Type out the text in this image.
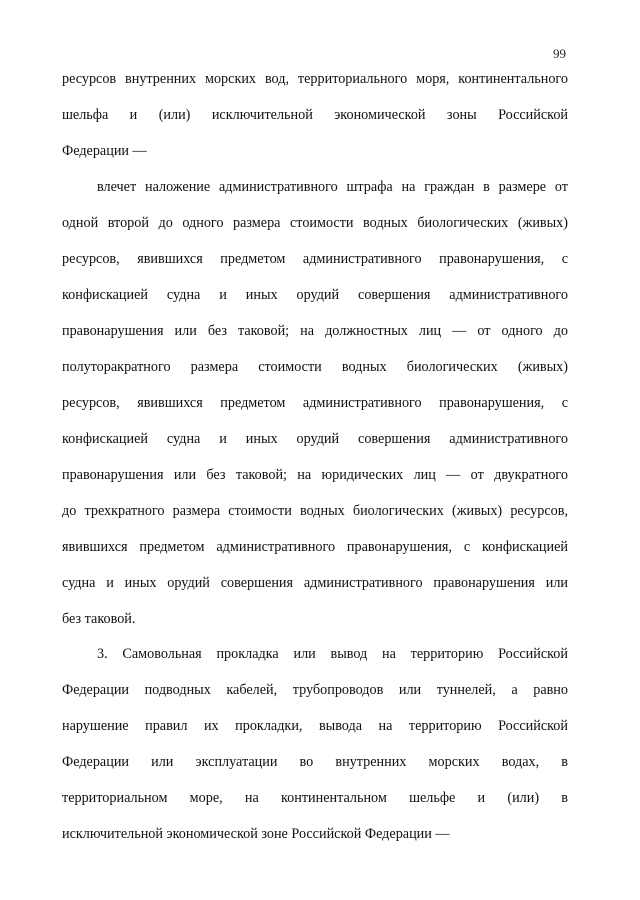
99
ресурсов внутренних морских вод, территориального моря, континентального
шельфа и (или) исключительной экономической зоны Российской
Федерации —
влечет наложение административного штрафа на граждан в размере от
одной второй до одного размера стоимости водных биологических (живых)
ресурсов, явившихся предметом административного правонарушения, с
конфискацией судна и иных орудий совершения административного
правонарушения или без таковой; на должностных лиц — от одного до
полуторакратного размера стоимости водных биологических (живых)
ресурсов, явившихся предметом административного правонарушения, с
конфискацией судна и иных орудий совершения административного
правонарушения или без таковой; на юридических лиц — от двукратного
до трехкратного размера стоимости водных биологических (живых) ресурсов,
явившихся предметом административного правонарушения, с конфискацией
судна и иных орудий совершения административного правонарушения или
без таковой.
3. Самовольная прокладка или вывод на территорию Российской
Федерации подводных кабелей, трубопроводов или туннелей, а равно
нарушение правил их прокладки, вывода на территорию Российской
Федерации или эксплуатации во внутренних морских водах, в
территориальном море, на континентальном шельфе и (или) в
исключительной экономической зоне Российской Федерации —
